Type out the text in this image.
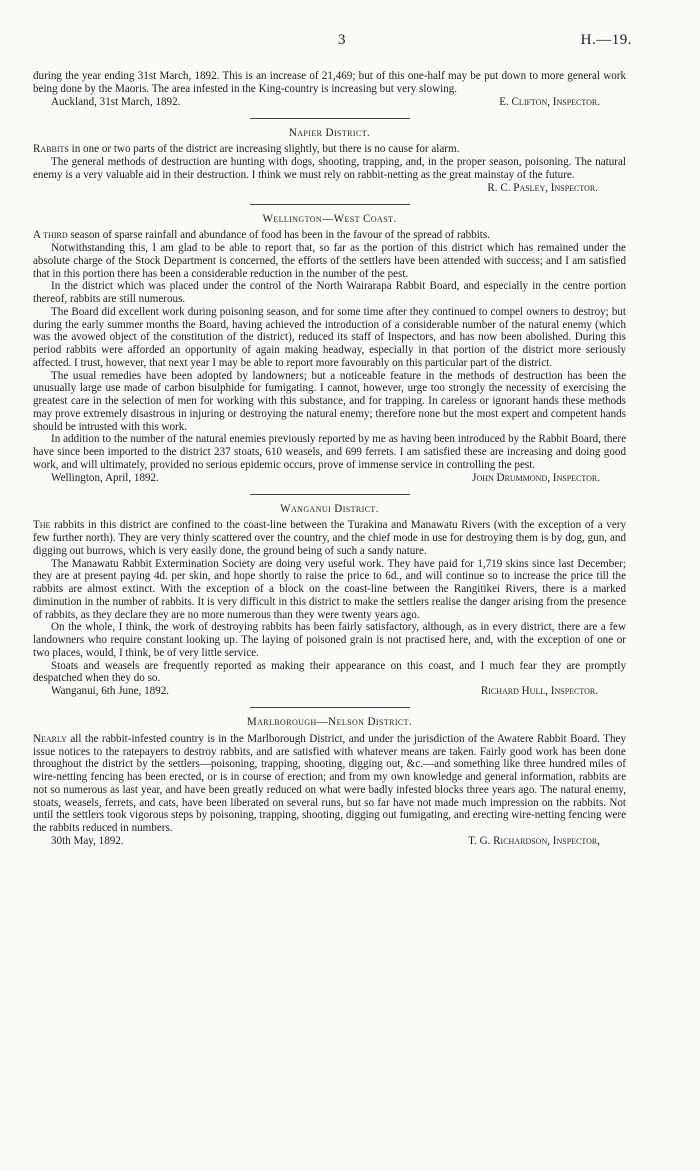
3	H.—19.

during the year ending 31st March, 1892. This is an increase of 21,469; but of this one-half may be put down to more general work being done by the Maoris. The area infested in the King-country is increasing but very slowing.

Auckland, 31st March, 1892.	E. Clifton, Inspector.
Napier District.

Rabbits in one or two parts of the district are increasing slightly, but there is no cause for alarm.

The general methods of destruction are hunting with dogs, shooting, trapping, and, in the proper season, poisoning. The natural enemy is a very valuable aid in their destruction. I think we must rely on rabbit-netting as the great mainstay of the future.

R. C. Pasley, Inspector.
Wellington—West Coast.

A third season of sparse rainfall and abundance of food has been in the favour of the spread of rabbits.

Notwithstanding this, I am glad to be able to report that, so far as the portion of this district which has remained under the absolute charge of the Stock Department is concerned, the efforts of the settlers have been attended with success; and I am satisfied that in this portion there has been a considerable reduction in the number of the pest.

In the district which was placed under the control of the North Wairarapa Rabbit Board, and especially in the centre portion thereof, rabbits are still numerous.

The Board did excellent work during poisoning season, and for some time after they continued to compel owners to destroy; but during the early summer months the Board, having achieved the introduction of a considerable number of the natural enemy (which was the avowed object of the constitution of the district), reduced its staff of Inspectors, and has now been abolished. During this period rabbits were afforded an opportunity of again making headway, especially in that portion of the district more seriously affected. I trust, however, that next year I may be able to report more favourably on this particular part of the district.

The usual remedies have been adopted by landowners; but a noticeable feature in the methods of destruction has been the unusually large use made of carbon bisulphide for fumigating. I cannot, however, urge too strongly the necessity of exercising the greatest care in the selection of men for working with this substance, and for trapping. In careless or ignorant hands these methods may prove extremely disastrous in injuring or destroying the natural enemy; therefore none but the most expert and competent hands should be intrusted with this work.

In addition to the number of the natural enemies previously reported by me as having been introduced by the Rabbit Board, there have since been imported to the district 237 stoats, 610 weasels, and 699 ferrets. I am satisfied these are increasing and doing good work, and will ultimately, provided no serious epidemic occurs, prove of immense service in controlling the pest.

Wellington, April, 1892.	John Drummond, Inspector.
Wanganui District.

The rabbits in this district are confined to the coast-line between the Turakina and Manawatu Rivers (with the exception of a very few further north). They are very thinly scattered over the country, and the chief mode in use for destroying them is by dog, gun, and digging out burrows, which is very easily done, the ground being of such a sandy nature.

The Manawatu Rabbit Extermination Society are doing very useful work. They have paid for 1,719 skins since last December; they are at present paying 4d. per skin, and hope shortly to raise the price to 6d., and will continue so to increase the price till the rabbits are almost extinct. With the exception of a block on the coast-line between the Rangitikei Rivers, there is a marked diminution in the number of rabbits. It is very difficult in this district to make the settlers realise the danger arising from the presence of rabbits, as they declare they are no more numerous than they were twenty years ago.

On the whole, I think, the work of destroying rabbits has been fairly satisfactory, although, as in every district, there are a few landowners who require constant looking up. The laying of poisoned grain is not practised here, and, with the exception of one or two places, would, I think, be of very little service.

Stoats and weasels are frequently reported as making their appearance on this coast, and I much fear they are promptly despatched when they do so.

Wanganui, 6th June, 1892.	Richard Hull, Inspector.
Marlborough—Nelson District.

Nearly all the rabbit-infested country is in the Marlborough District, and under the jurisdiction of the Awatere Rabbit Board. They issue notices to the ratepayers to destroy rabbits, and are satisfied with whatever means are taken. Fairly good work has been done throughout the district by the settlers—poisoning, trapping, shooting, digging out, &c.—and something like three hundred miles of wire-netting fencing has been erected, or is in course of erection; and from my own knowledge and general information, rabbits are not so numerous as last year, and have been greatly reduced on what were badly infested blocks three years ago. The natural enemy, stoats, weasels, ferrets, and cats, have been liberated on several runs, but so far have not made much impression on the rabbits. Not until the settlers took vigorous steps by poisoning, trapping, shooting, digging out fumigating, and erecting wire-netting fencing were the rabbits reduced in numbers.

30th May, 1892.	T. G. Richardson, Inspector,
